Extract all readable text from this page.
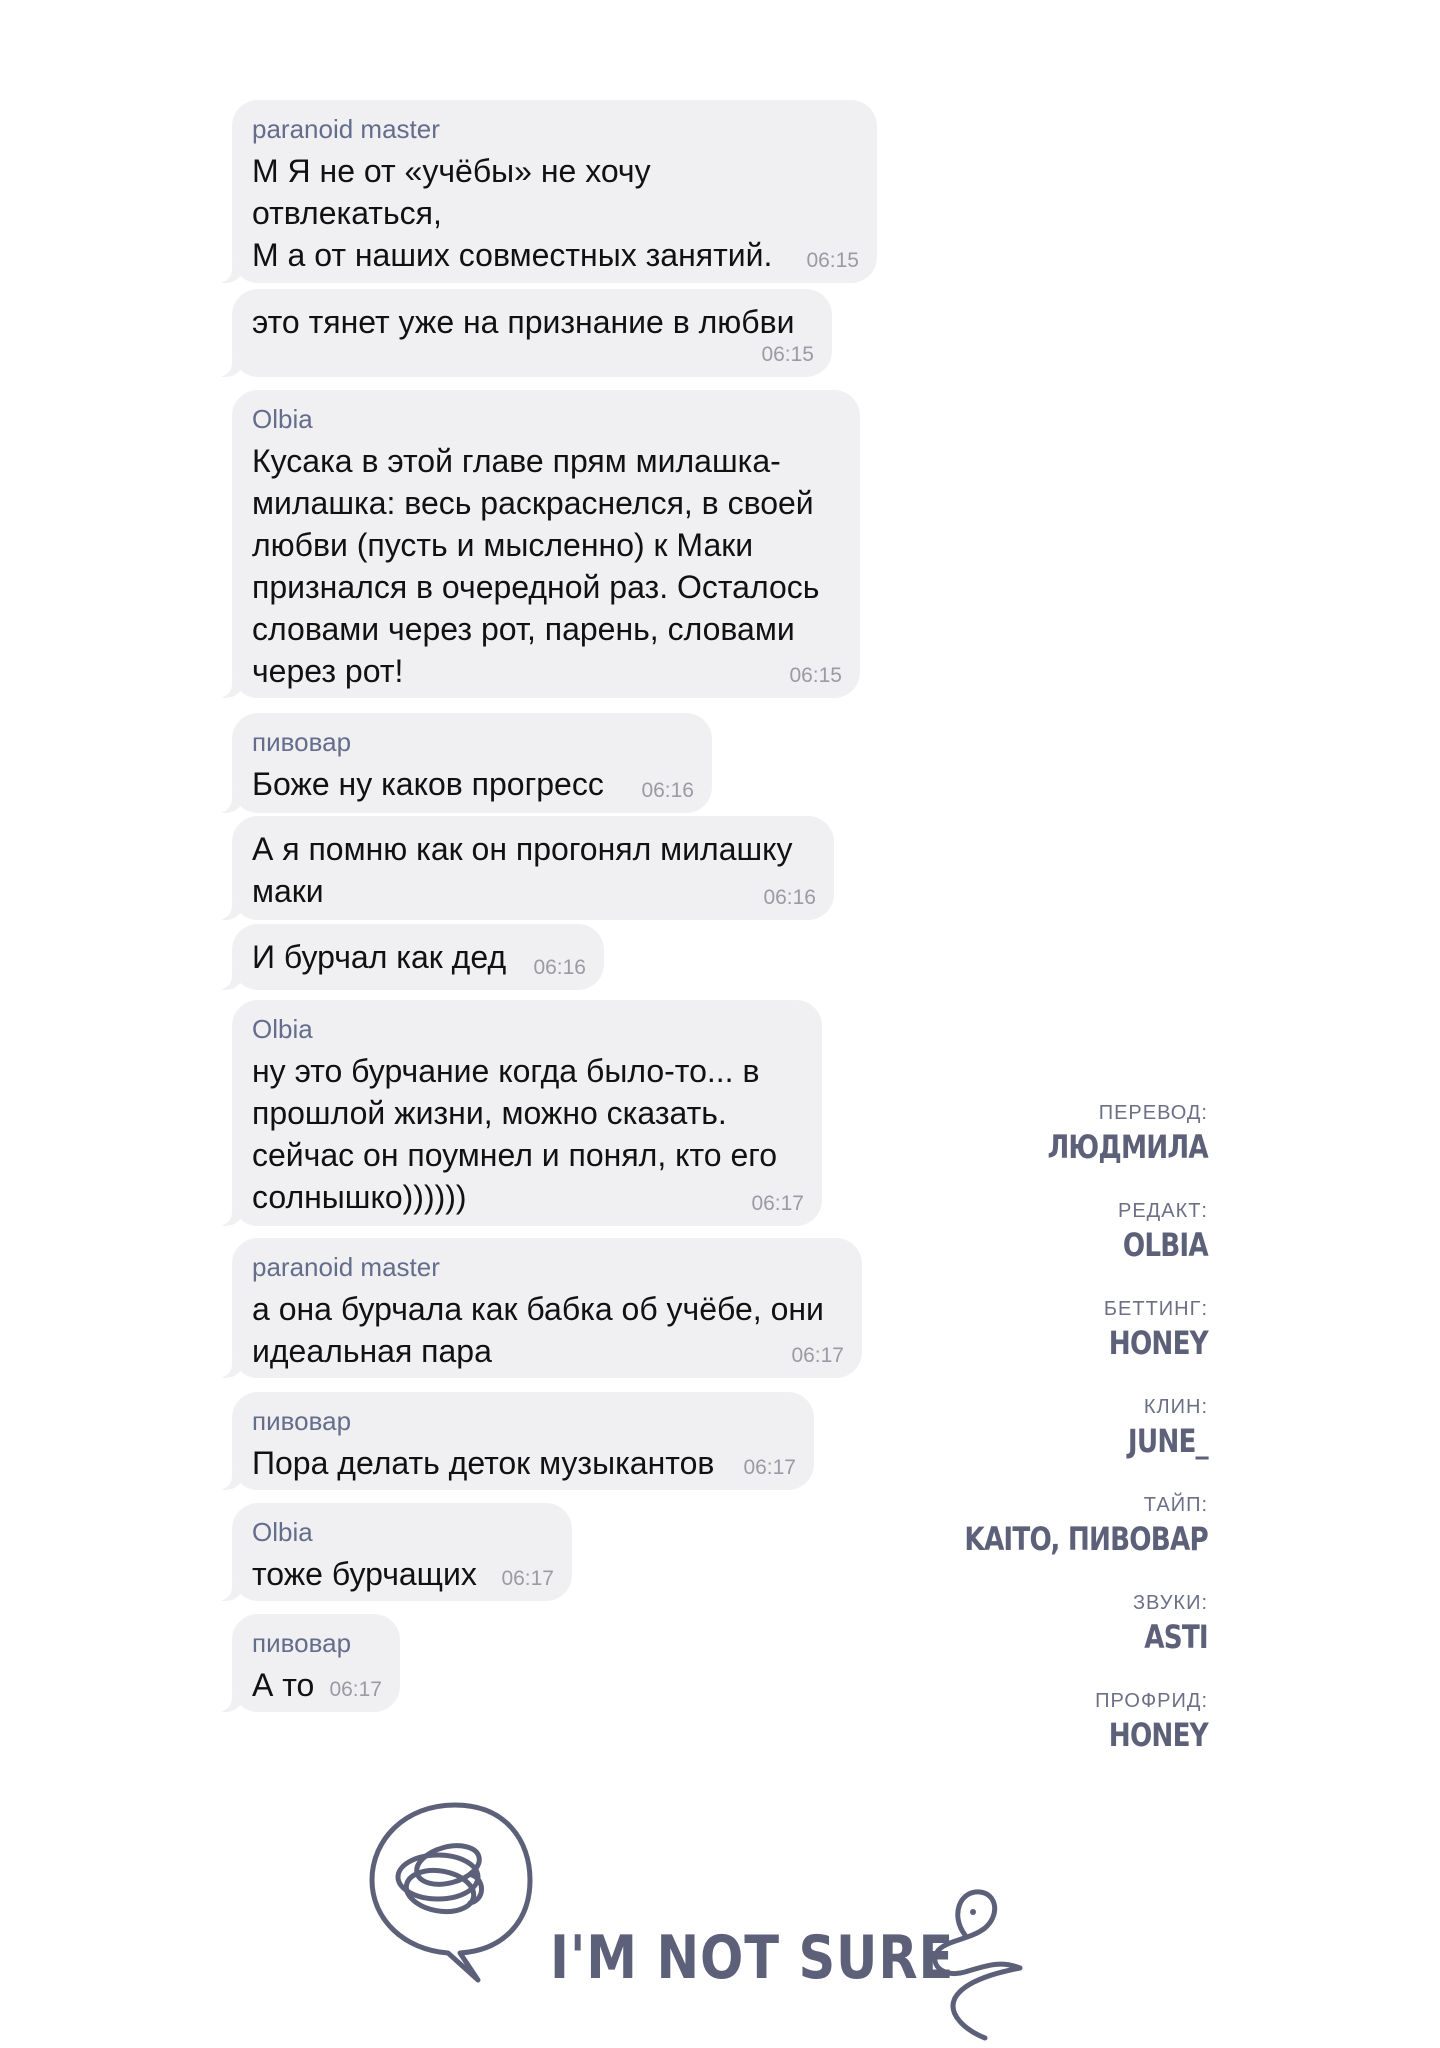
paranoid master
М Я не от «учёбы» не хочу
отвлекаться,
М а от наших совместных занятий.	06:15
это тянет уже на признание в любви
06:15
Olbia
Кусака в этой главе прям милашка-
милашка: весь раскраснелся, в своей
любви (пусть и мысленно) к Маки
признался в очередной раз. Осталось
словами через рот, парень, словами
через рот!	06:15
пивовар
Боже ну каков прогресс	06:16
А я помню как он прогонял милашку
маки	06:16
И бурчал как дед	06:16
Olbia
ну это бурчание когда было-то... в
прошлой жизни, можно сказать.
сейчас он поумнел и понял, кто его
солнышко))))))	06:17
paranoid master
а она бурчала как бабка об учёбе, они
идеальная пара	06:17
пивовар
Пора делать деток музыкантов	06:17
Olbia
тоже бурчащих	06:17
пивовар
А то 06:17
ПЕРЕВОД:
ЛЮДМИЛА
РЕДАКТ:
OLBIA
БЕТТИНГ:
HONEY
КЛИН:
JUNE_
ТАЙП:
KAITO, ПИВОВАР
ЗВУКИ:
ASTI
ПРОФРИД:
HONEY
I'M NOT SURE
